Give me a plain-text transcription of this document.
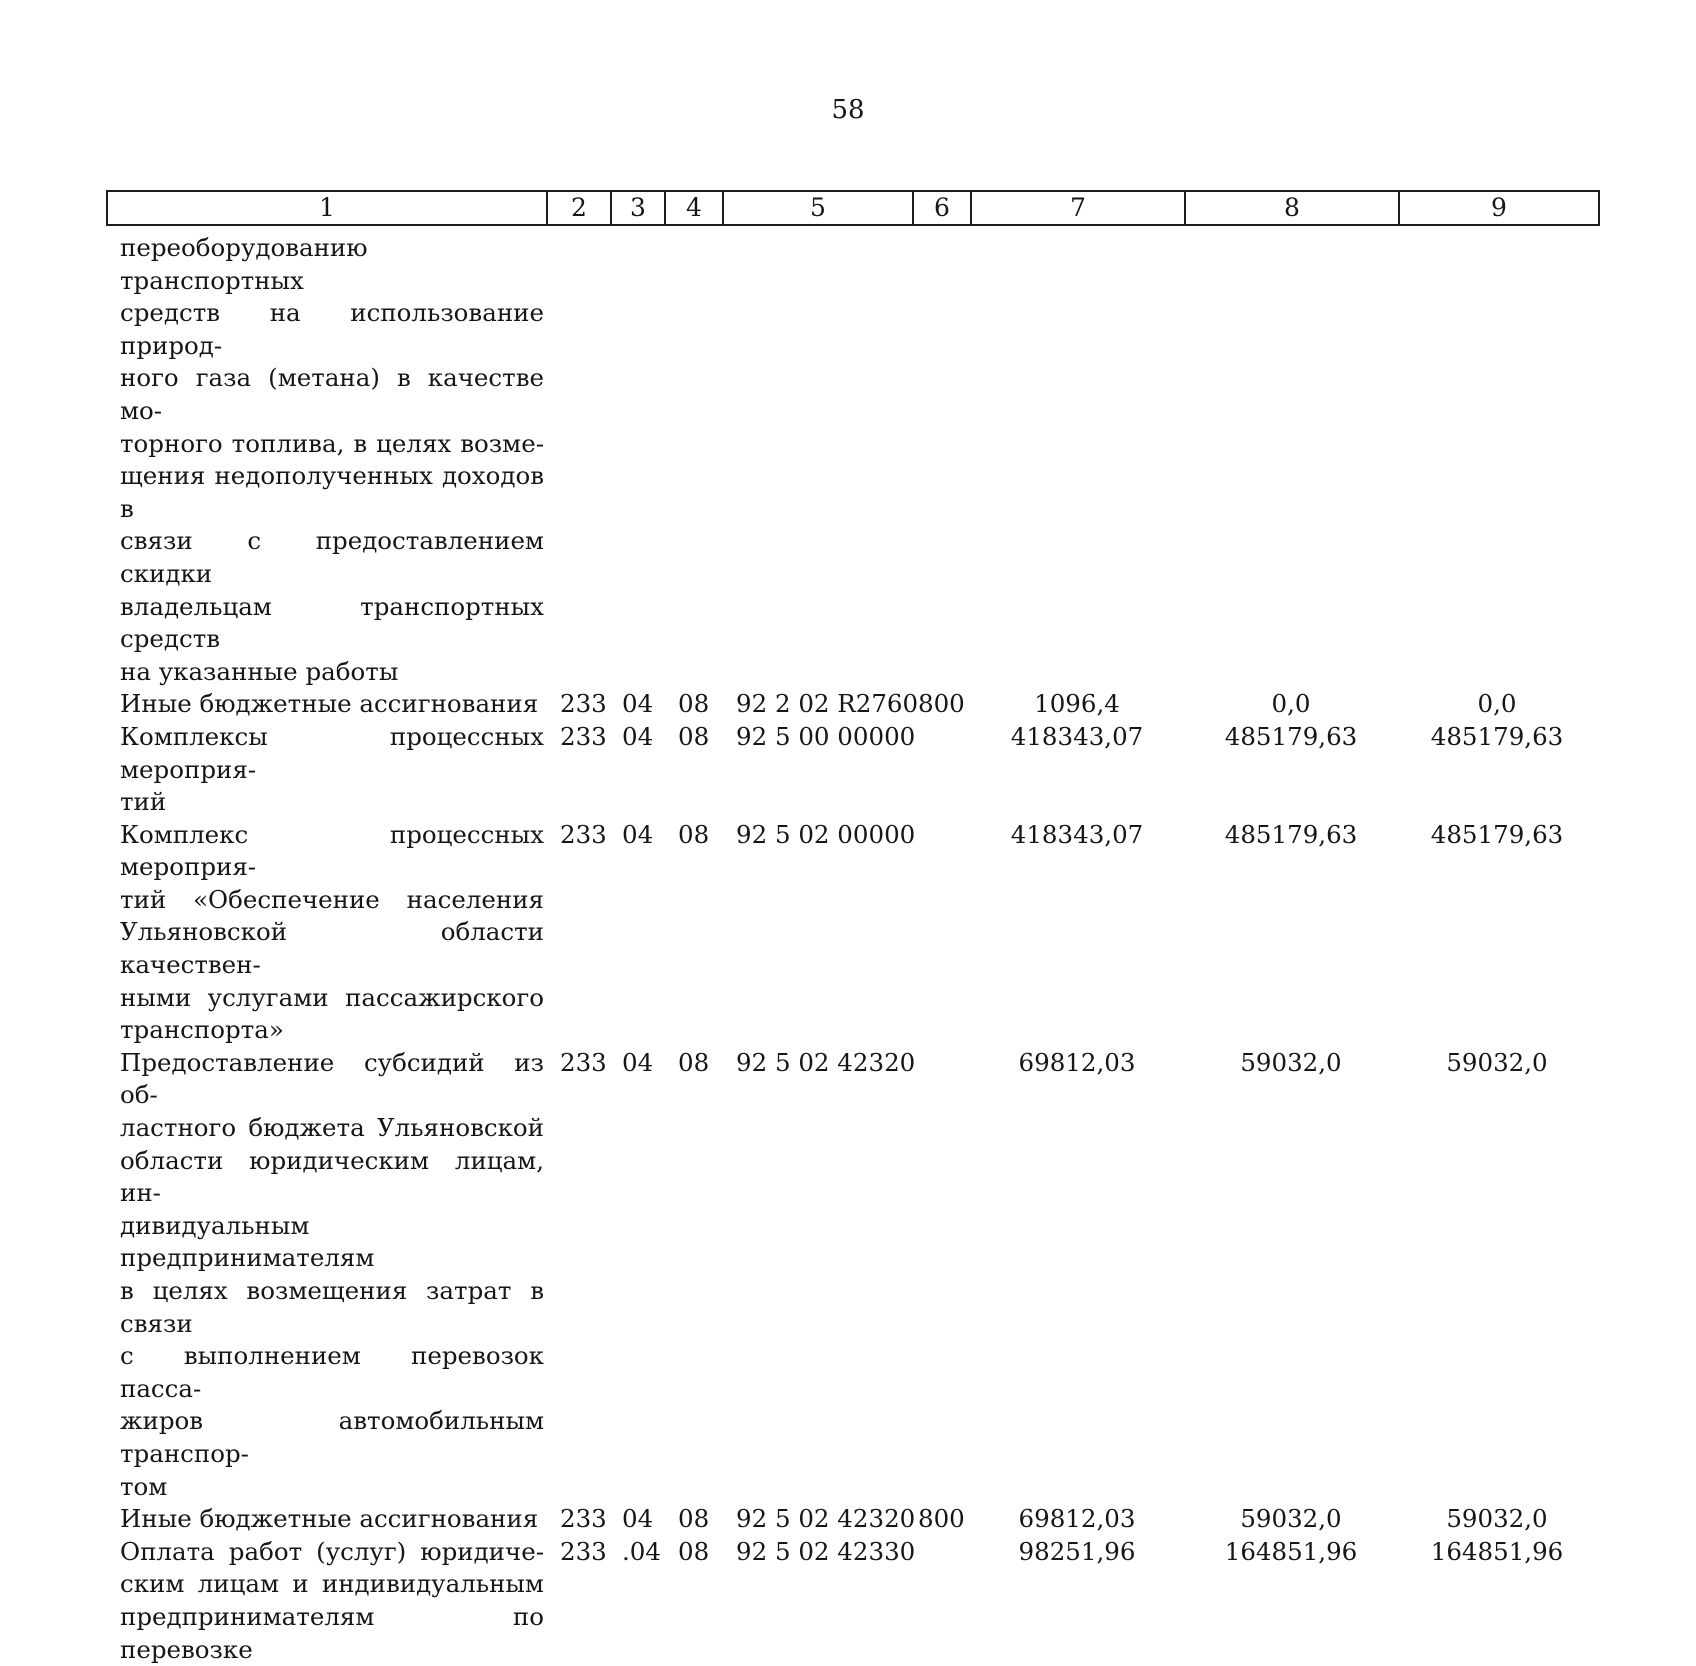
58
1	2	3	4	5	6	7	8	9
переоборудованию транспортных
средств на использование природ-
ного газа (метана) в качестве мо-
торного топлива, в целях возме-
щения недополученных доходов в
связи с предоставлением скидки
владельцам транспортных средств
на указанные работы
Иные бюджетные ассигнования 233 04 08 92 2 02 R2760 800	1096,4	0,0	0,0
Комплексы процессных мероприя-
тий
233 04 08 92 5 00 00000	418343,07	485179,63	485179,63
Комплекс процессных мероприя-
тий «Обеспечение населения
Ульяновской области качествен-
ными услугами пассажирского
транспорта»
233 04 08 92 5 02 00000	418343,07	485179,63	485179,63
Предоставление субсидий из об-
ластного бюджета Ульяновской
области юридическим лицам, ин-
дивидуальным предпринимателям
в целях возмещения затрат в связи
с выполнением перевозок пасса-
жиров автомобильным транспор-
том
233 04 08 92 5 02 42320	69812,03	59032,0	59032,0
Иные бюджетные ассигнования 233 04 08 92 5 02 42320 800	69812,03	59032,0	59032,0
Оплата работ (услуг) юридиче-
ским лицам и индивидуальным
предпринимателям по перевозке
233 .04 08 92 5 02 42330	98251,96	164851,96	164851,96
